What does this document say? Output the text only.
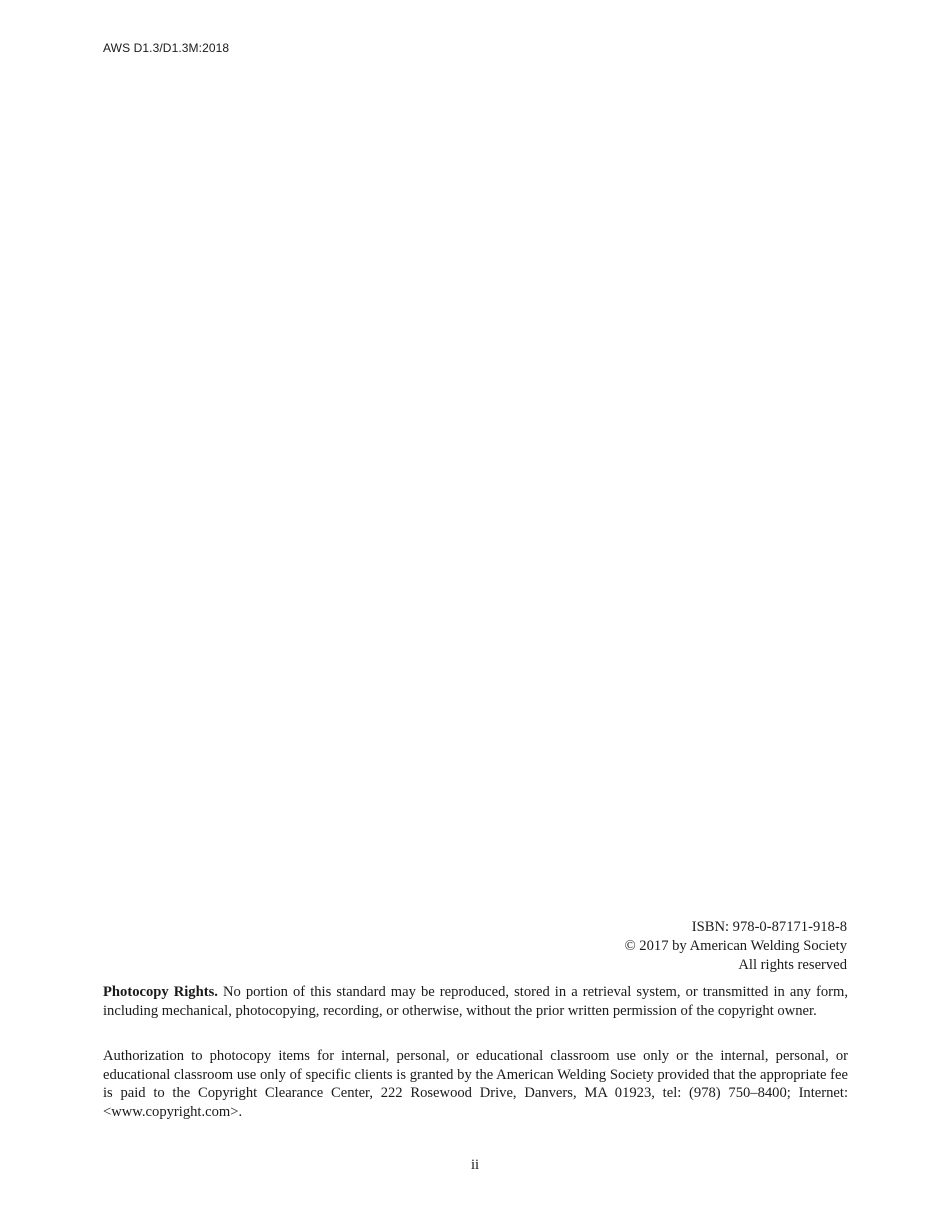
AWS D1.3/D1.3M:2018
ISBN: 978-0-87171-918-8
© 2017 by American Welding Society
All rights reserved

Photocopy Rights. No portion of this standard may be reproduced, stored in a retrieval system, or transmitted in any form, including mechanical, photocopying, recording, or otherwise, without the prior written permission of the copyright owner.

Authorization to photocopy items for internal, personal, or educational classroom use only or the internal, personal, or educational classroom use only of specific clients is granted by the American Welding Society provided that the appropriate fee is paid to the Copyright Clearance Center, 222 Rosewood Drive, Danvers, MA 01923, tel: (978) 750–8400; Internet: <www.copyright.com>.

ii
